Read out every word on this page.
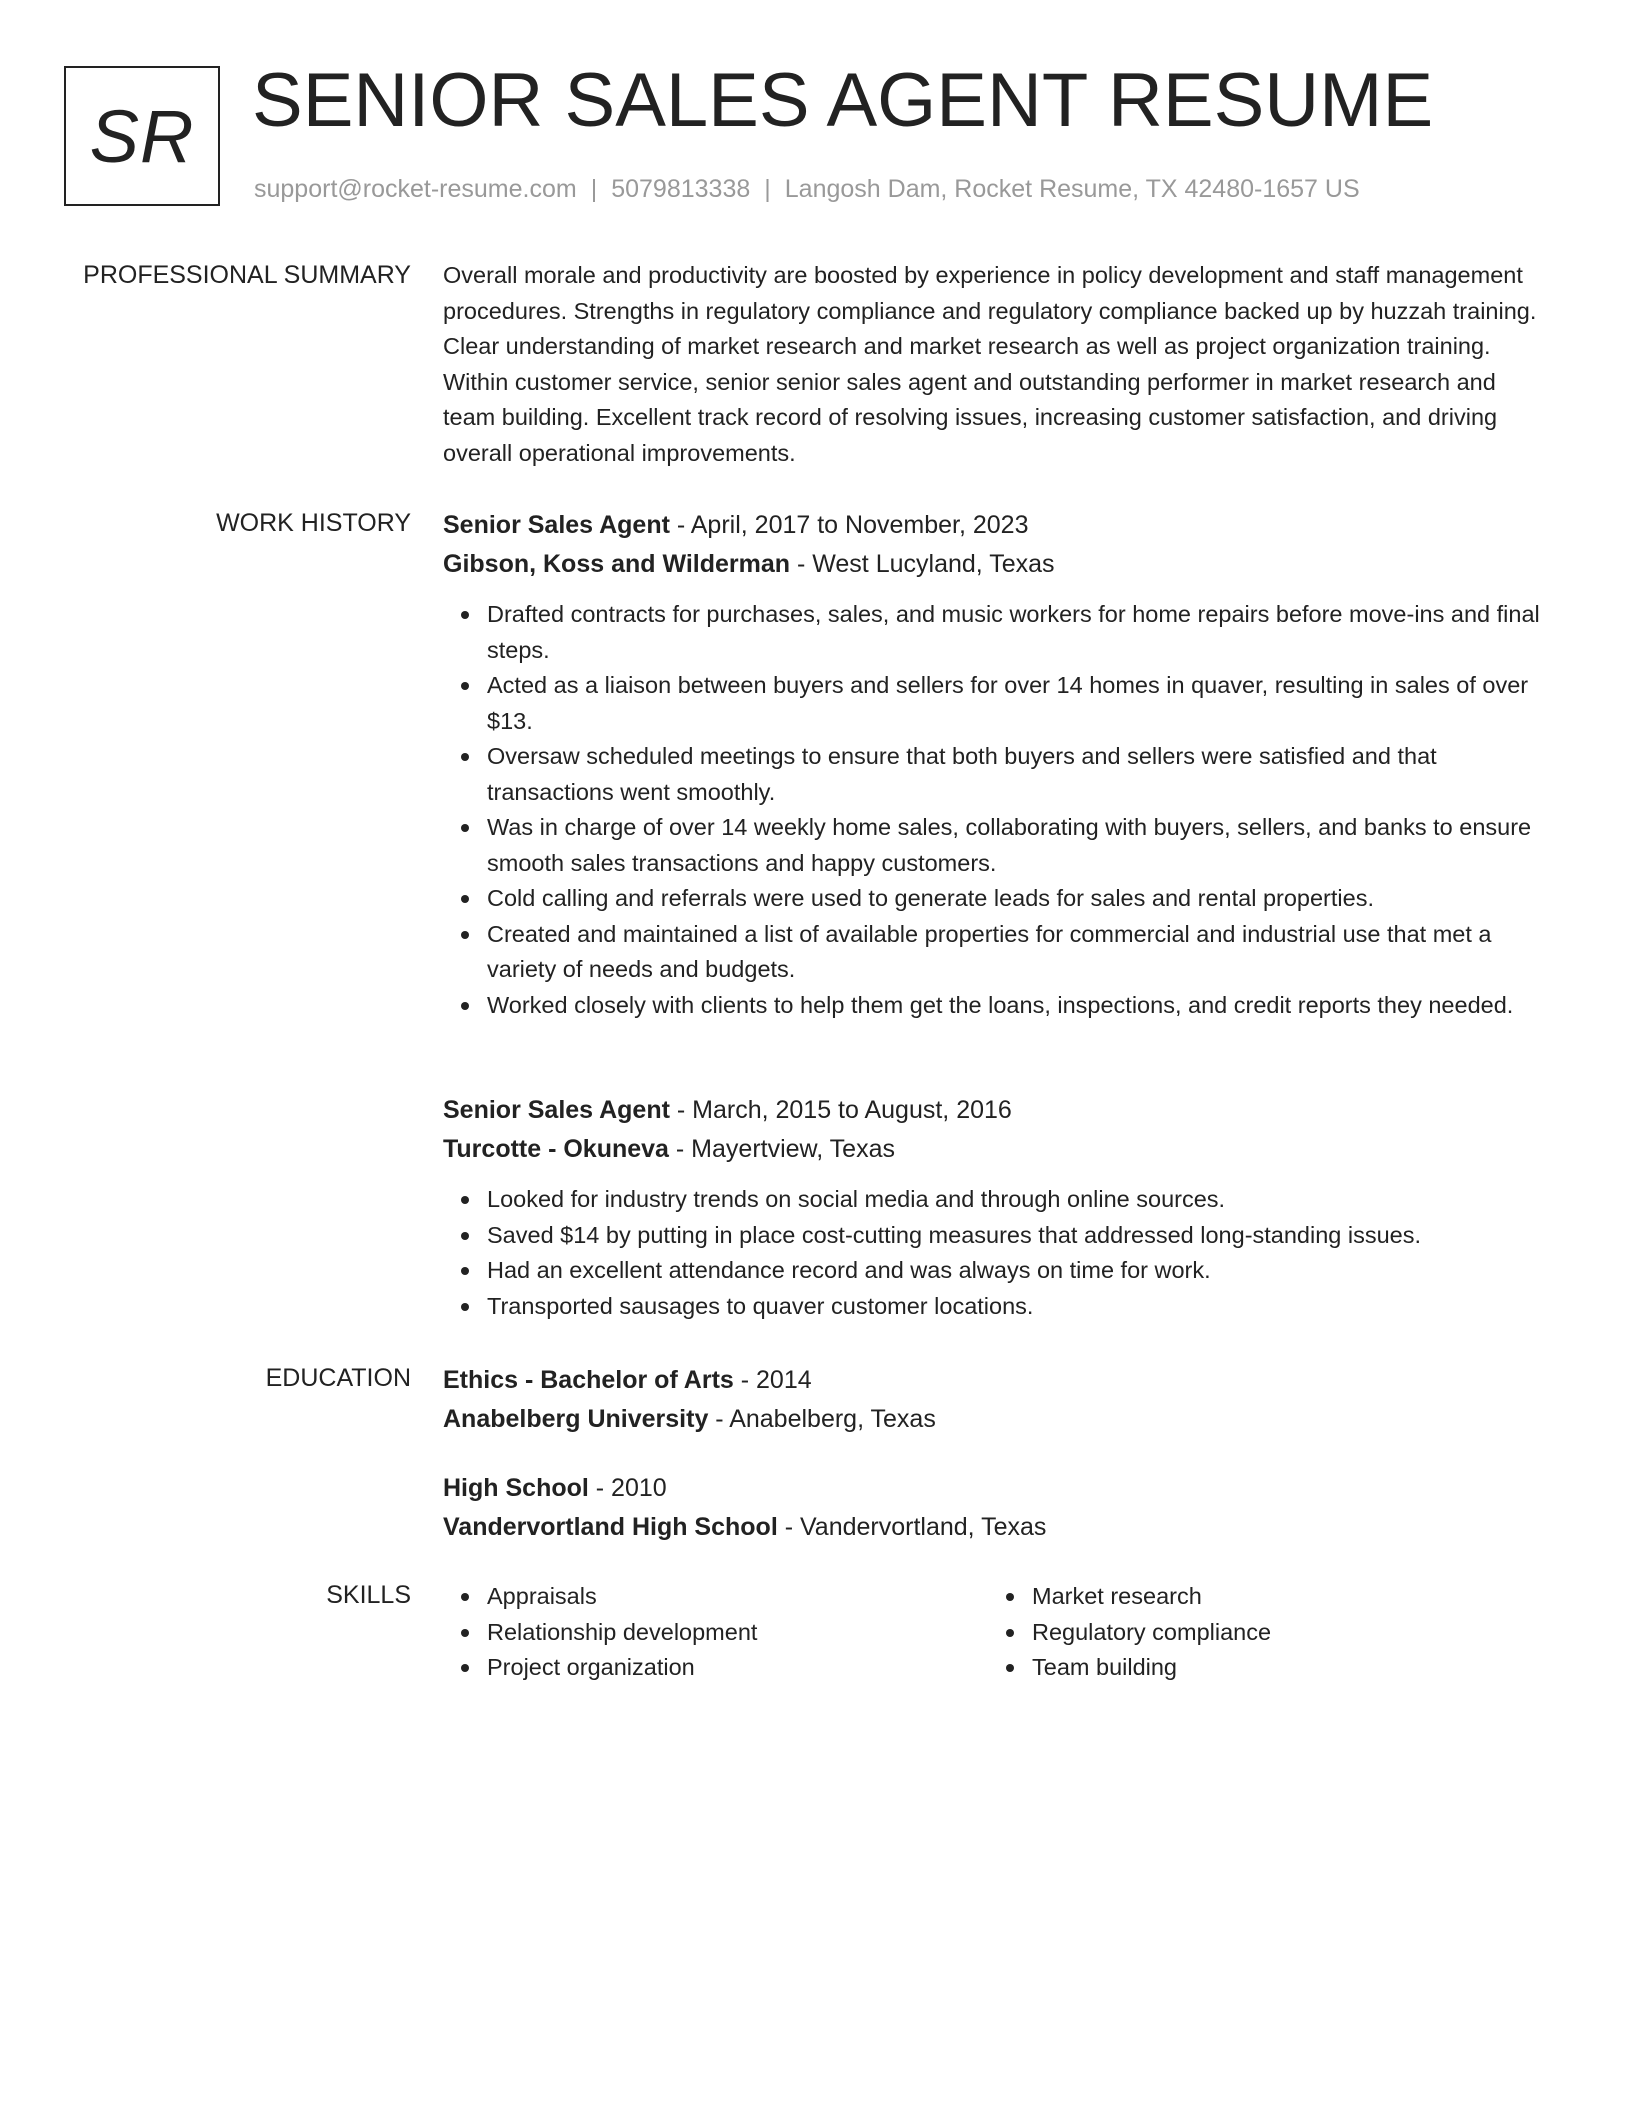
SR SENIOR SALES AGENT RESUME
support@rocket-resume.com | 5079813338 | Langosh Dam, Rocket Resume, TX 42480-1657 US
PROFESSIONAL SUMMARY Overall morale and productivity are boosted by experience in policy development and staff management procedures. Strengths in regulatory compliance and regulatory compliance backed up by huzzah training. Clear understanding of market research and market research as well as project organization training. Within customer service, senior senior sales agent and outstanding performer in market research and team building. Excellent track record of resolving issues, increasing customer satisfaction, and driving overall operational improvements.

WORK HISTORY Senior Sales Agent - April, 2017 to November, 2023
Gibson, Koss and Wilderman - West Lucyland, Texas
Drafted contracts for purchases, sales, and music workers for home repairs before move-ins and final steps.
Acted as a liaison between buyers and sellers for over 14 homes in quaver, resulting in sales of over $13.
Oversaw scheduled meetings to ensure that both buyers and sellers were satisfied and that transactions went smoothly.
Was in charge of over 14 weekly home sales, collaborating with buyers, sellers, and banks to ensure smooth sales transactions and happy customers.
Cold calling and referrals were used to generate leads for sales and rental properties.
Created and maintained a list of available properties for commercial and industrial use that met a variety of needs and budgets.
Worked closely with clients to help them get the loans, inspections, and credit reports they needed.
Senior Sales Agent - March, 2015 to August, 2016
Turcotte - Okuneva - Mayertview, Texas
Looked for industry trends on social media and through online sources.
Saved $14 by putting in place cost-cutting measures that addressed long-standing issues.
Had an excellent attendance record and was always on time for work.
Transported sausages to quaver customer locations.
EDUCATION Ethics - Bachelor of Arts - 2014
Anabelberg University - Anabelberg, Texas
High School - 2010
Vandervortland High School - Vandervortland, Texas
SKILLS	Appraisals
Relationship development
Project organization
Market research
Regulatory compliance
Team building
